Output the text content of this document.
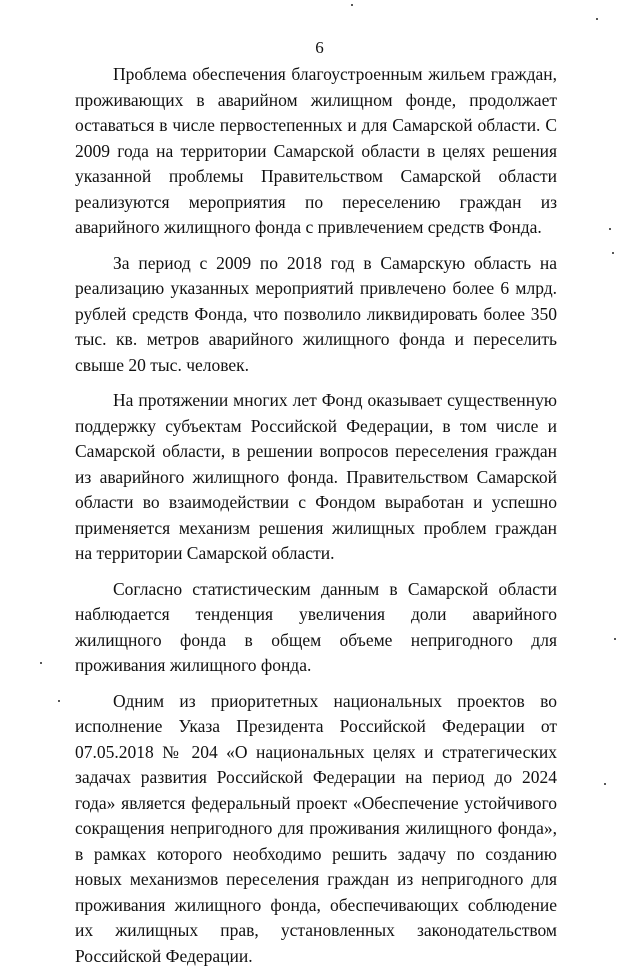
6

Проблема обеспечения благоустроенным жильем граждан, проживающих в аварийном жилищном фонде, продолжает оставаться в числе первостепенных и для Самарской области. С 2009 года на территории Самарской области в целях решения указанной проблемы Правительством Самарской области реализуются мероприятия по переселению граждан из аварийного жилищного фонда с привлечением средств Фонда.

За период с 2009 по 2018 год в Самарскую область на реализацию указанных мероприятий привлечено более 6 млрд. рублей средств Фонда, что позволило ликвидировать более 350 тыс. кв. метров аварийного жилищного фонда и переселить свыше 20 тыс. человек.

На протяжении многих лет Фонд оказывает существенную поддержку субъектам Российской Федерации, в том числе и Самарской области, в решении вопросов переселения граждан из аварийного жилищного фонда. Правительством Самарской области во взаимодействии с Фондом выработан и успешно применяется механизм решения жилищных проблем граждан на территории Самарской области.

Согласно статистическим данным в Самарской области наблюдается тенденция увеличения доли аварийного жилищного фонда в общем объеме непригодного для проживания жилищного фонда.

Одним из приоритетных национальных проектов во исполнение Указа Президента Российской Федерации от 07.05.2018 № 204 «О национальных целях и стратегических задачах развития Российской Федерации на период до 2024 года» является федеральный проект «Обеспечение устойчивого сокращения непригодного для проживания жилищного фонда», в рамках которого необходимо решить задачу по созданию новых механизмов переселения граждан из непригодного для проживания жилищного фонда, обеспечивающих соблюдение их жилищных прав, установленных законодательством Российской Федерации.
